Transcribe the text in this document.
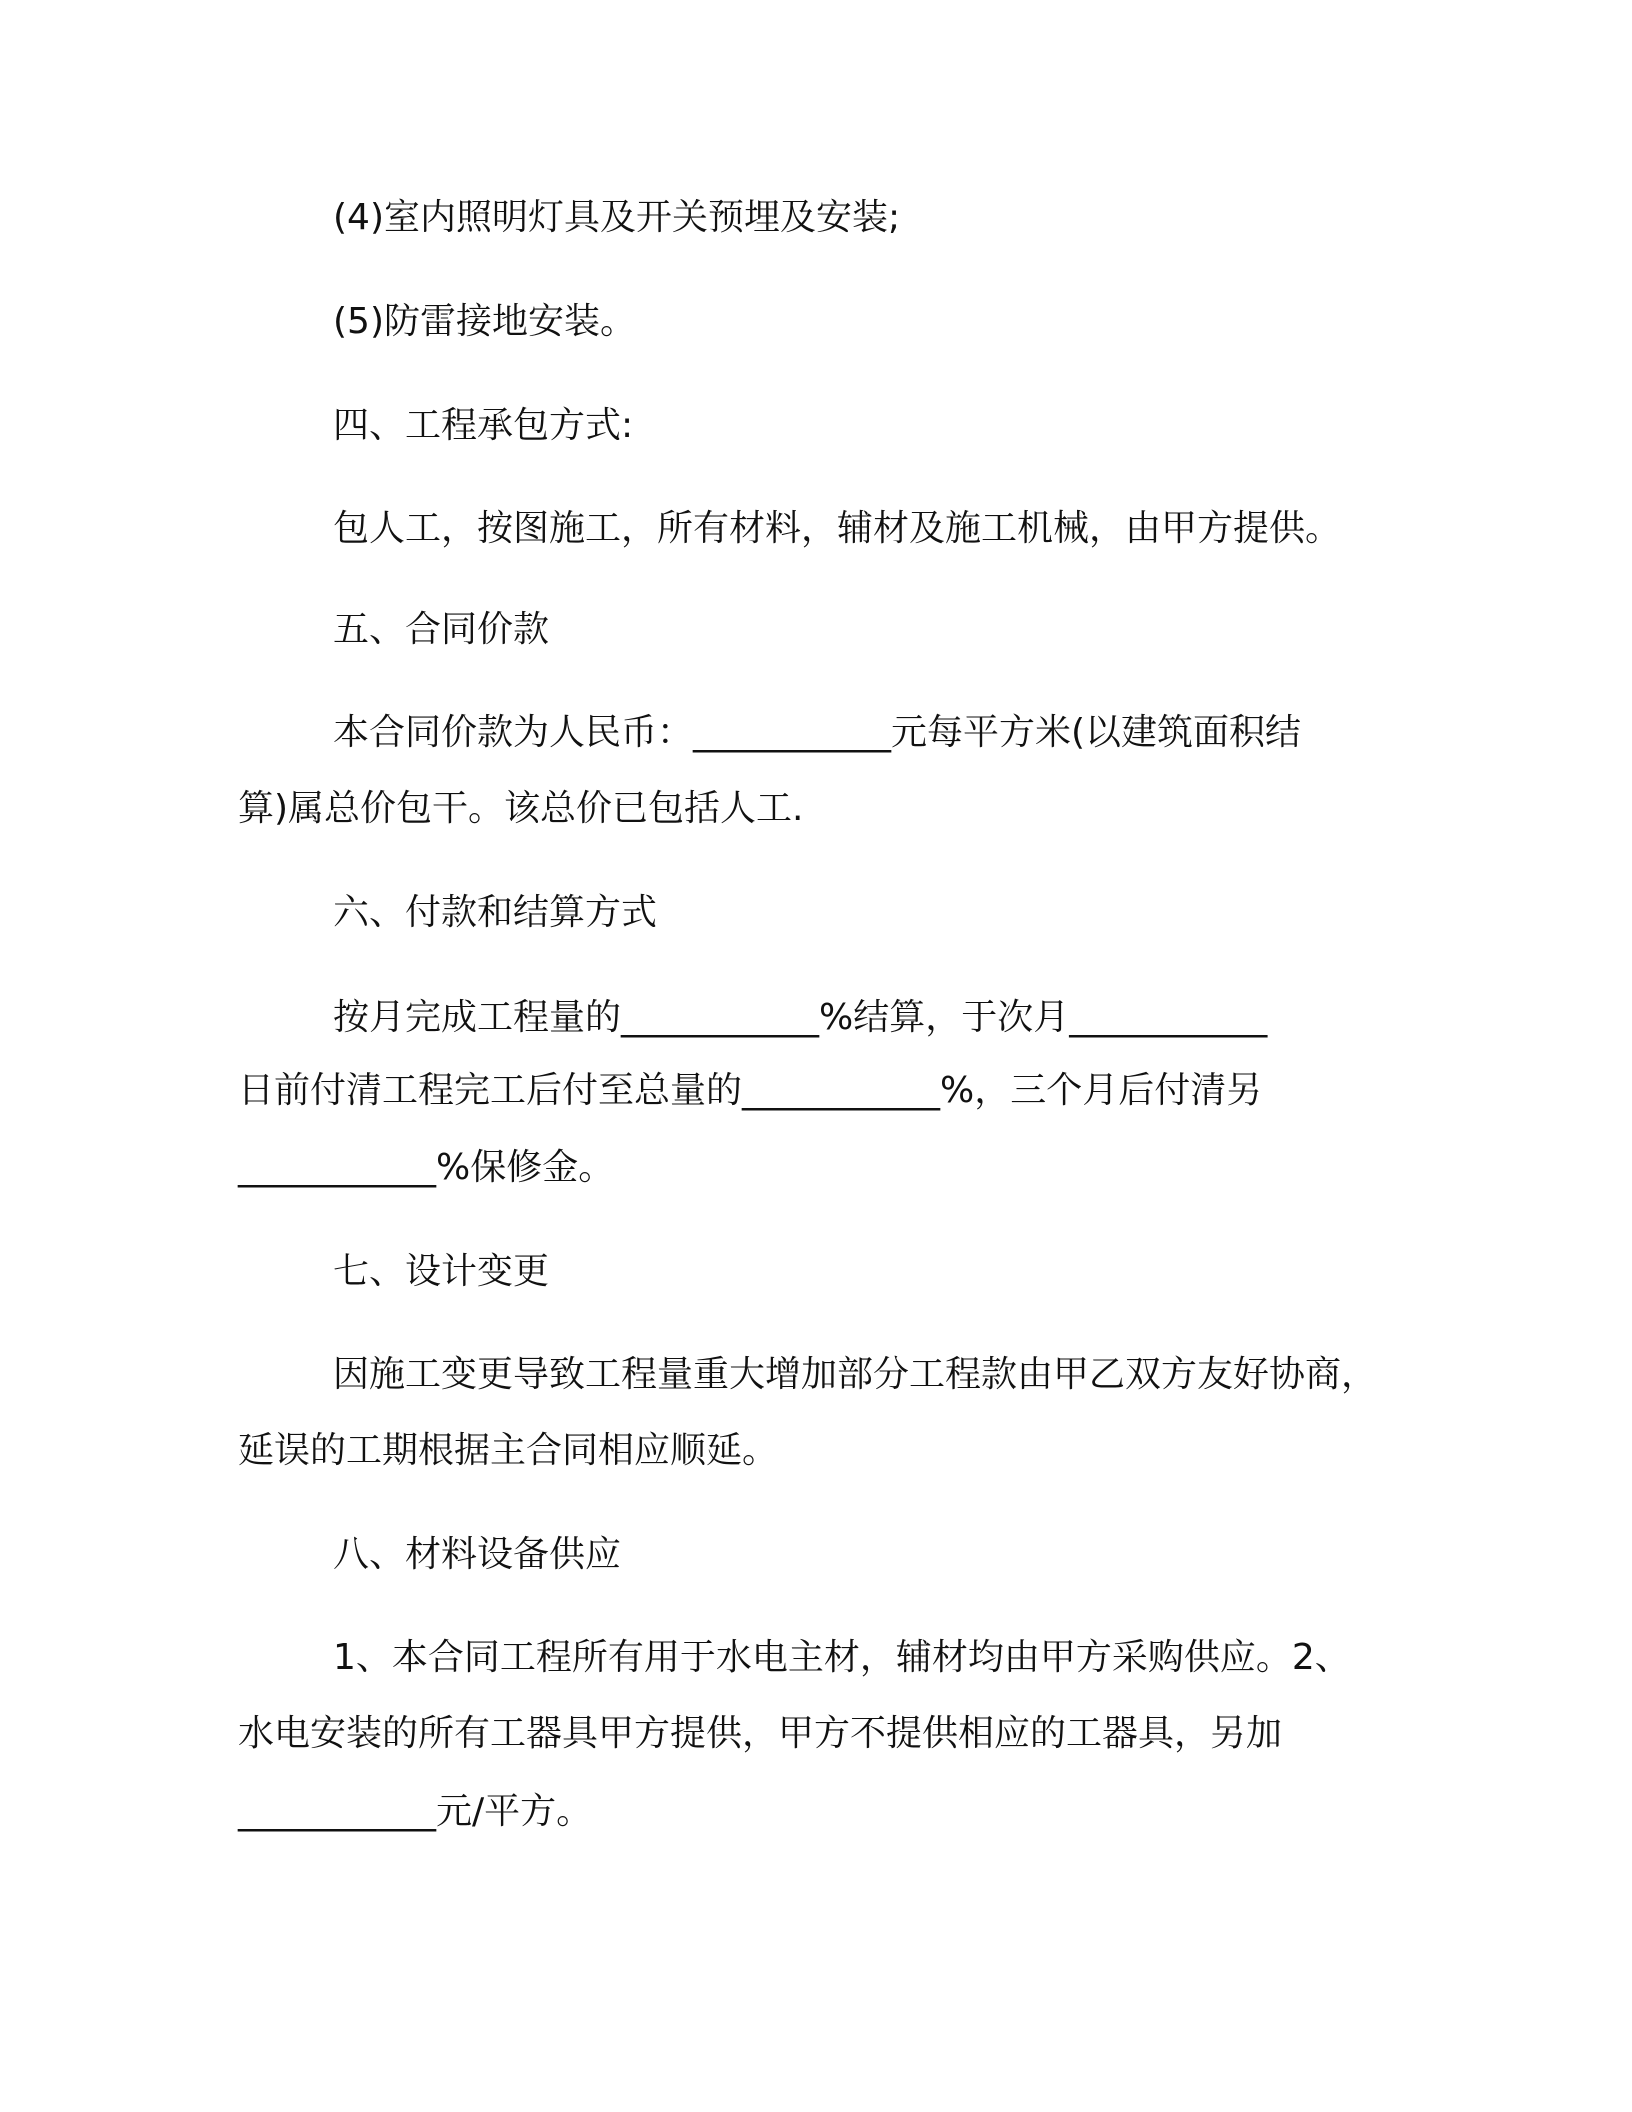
(4)室内照明灯具及开关预埋及安装;

(5)防雷接地安装。

四、工程承包方式:

包人工，按图施工，所有材料，辅材及施工机械，由甲方提供。

五、合同价款

本合同价款为人民币：___________元每平方米(以建筑面积结

算)属总价包干。该总价已包括人工.

六、付款和结算方式

按月完成工程量的___________%结算，于次月___________

日前付清工程完工后付至总量的___________%，三个月后付清另

___________%保修金。

七、设计变更

因施工变更导致工程量重大增加部分工程款由甲乙双方友好协商，

延误的工期根据主合同相应顺延。

八、材料设备供应

1、本合同工程所有用于水电主材，辅材均由甲方采购供应。2、

水电安装的所有工器具甲方提供，甲方不提供相应的工器具，另加

___________元/平方。
